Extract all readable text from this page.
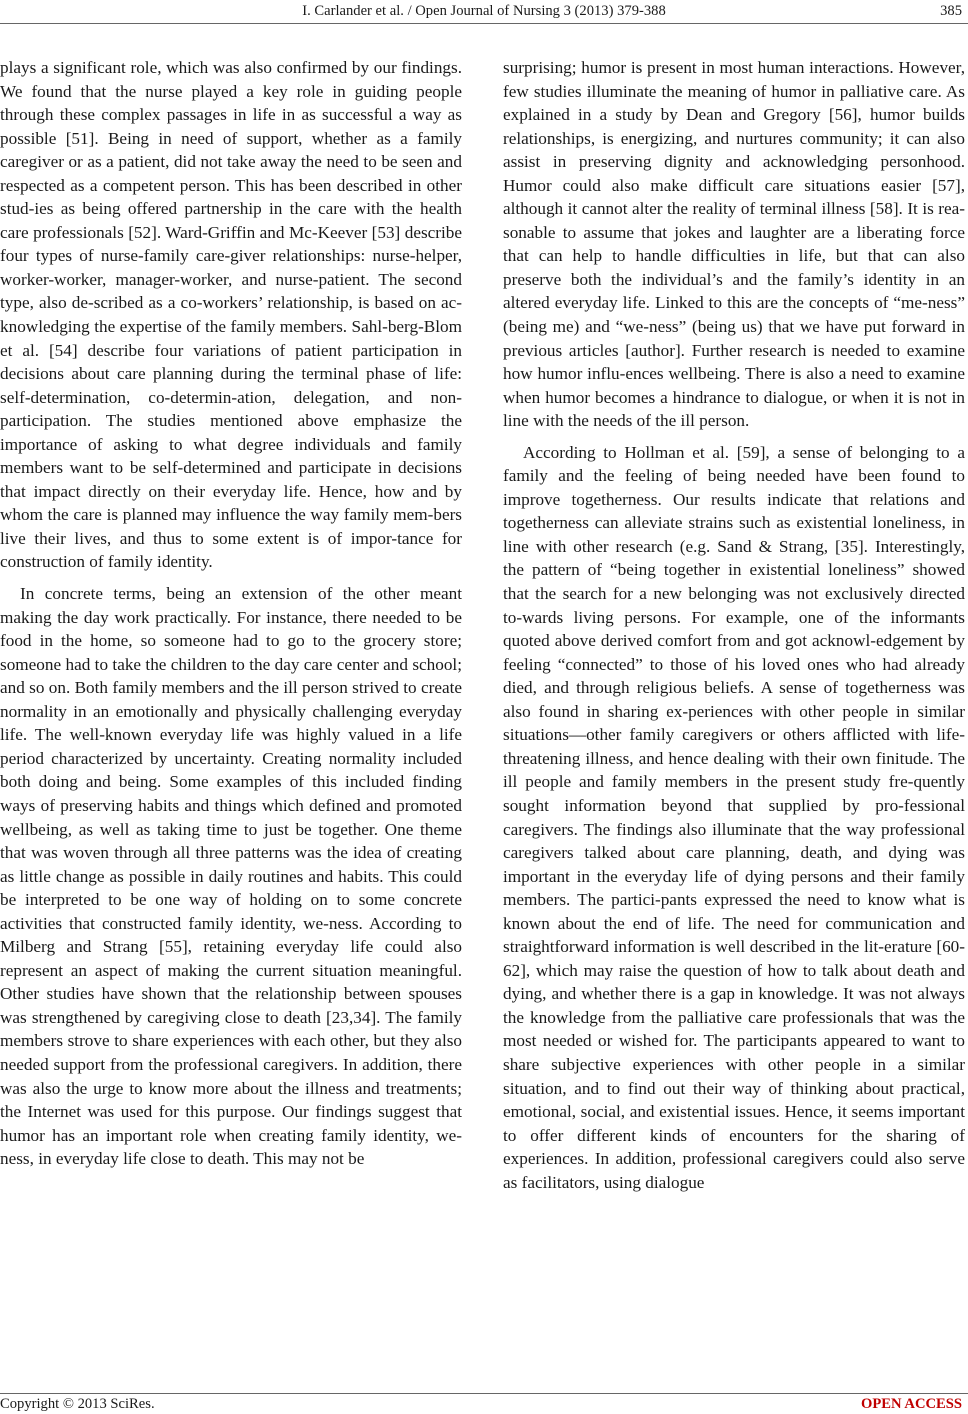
I. Carlander et al. / Open Journal of Nursing 3 (2013) 379-388	385

plays a significant role, which was also confirmed by our findings. We found that the nurse played a key role in guiding people through these complex passages in life in as successful a way as possible [51]. Being in need of support, whether as a family caregiver or as a patient, did not take away the need to be seen and respected as a competent person. This has been described in other stud-ies as being offered partnership in the care with the health care professionals [52]. Ward-Griffin and Mc-Keever [53] describe four types of nurse-family care-giver relationships: nurse-helper, worker-worker, manager-worker, and nurse-patient. The second type, also de-scribed as a co-workers’ relationship, is based on ac-knowledging the expertise of the family members. Sahl-berg-Blom et al. [54] describe four variations of patient participation in decisions about care planning during the terminal phase of life: self-determination, co-determin-ation, delegation, and non-participation. The studies mentioned above emphasize the importance of asking to what degree individuals and family members want to be self-determined and participate in decisions that impact directly on their everyday life. Hence, how and by whom the care is planned may influence the way family mem-bers live their lives, and thus to some extent is of impor-tance for construction of family identity.

In concrete terms, being an extension of the other meant making the day work practically. For instance, there needed to be food in the home, so someone had to go to the grocery store; someone had to take the children to the day care center and school; and so on. Both family members and the ill person strived to create normality in an emotionally and physically challenging everyday life. The well-known everyday life was highly valued in a life period characterized by uncertainty. Creating normality included both doing and being. Some examples of this included finding ways of preserving habits and things which defined and promoted wellbeing, as well as taking time to just be together. One theme that was woven through all three patterns was the idea of creating as little change as possible in daily routines and habits. This could be interpreted to be one way of holding on to some concrete activities that constructed family identity, we-ness. According to Milberg and Strang [55], retaining everyday life could also represent an aspect of making the current situation meaningful. Other studies have shown that the relationship between spouses was strengthened by caregiving close to death [23,34]. The family members strove to share experiences with each other, but they also needed support from the professional caregivers. In addition, there was also the urge to know more about the illness and treatments; the Internet was used for this purpose. Our findings suggest that humor has an important role when creating family identity, we-ness, in everyday life close to death. This may not be

surprising; humor is present in most human interactions. However, few studies illuminate the meaning of humor in palliative care. As explained in a study by Dean and Gregory [56], humor builds relationships, is energizing, and nurtures community; it can also assist in preserving dignity and acknowledging personhood. Humor could also make difficult care situations easier [57], although it cannot alter the reality of terminal illness [58]. It is rea-sonable to assume that jokes and laughter are a liberating force that can help to handle difficulties in life, but that can also preserve both the individual’s and the family’s identity in an altered everyday life. Linked to this are the concepts of “me-ness” (being me) and “we-ness” (being us) that we have put forward in previous articles [author]. Further research is needed to examine how humor influ-ences wellbeing. There is also a need to examine when humor becomes a hindrance to dialogue, or when it is not in line with the needs of the ill person.

According to Hollman et al. [59], a sense of belonging to a family and the feeling of being needed have been found to improve togetherness. Our results indicate that relations and togetherness can alleviate strains such as existential loneliness, in line with other research (e.g. Sand & Strang, [35]. Interestingly, the pattern of “being together in existential loneliness” showed that the search for a new belonging was not exclusively directed to-wards living persons. For example, one of the informants quoted above derived comfort from and got acknowl-edgement by feeling “connected” to those of his loved ones who had already died, and through religious beliefs. A sense of togetherness was also found in sharing ex-periences with other people in similar situations—other family caregivers or others afflicted with life-threatening illness, and hence dealing with their own finitude. The ill people and family members in the present study fre-quently sought information beyond that supplied by pro-fessional caregivers. The findings also illuminate that the way professional caregivers talked about care planning, death, and dying was important in the everyday life of dying persons and their family members. The partici-pants expressed the need to know what is known about the end of life. The need for communication and straightforward information is well described in the lit-erature [60-62], which may raise the question of how to talk about death and dying, and whether there is a gap in knowledge. It was not always the knowledge from the palliative care professionals that was the most needed or wished for. The participants appeared to want to share subjective experiences with other people in a similar situation, and to find out their way of thinking about practical, emotional, social, and existential issues. Hence, it seems important to offer different kinds of encounters for the sharing of experiences. In addition, professional caregivers could also serve as facilitators, using dialogue

Copyright © 2013 SciRes.	OPEN ACCESS
